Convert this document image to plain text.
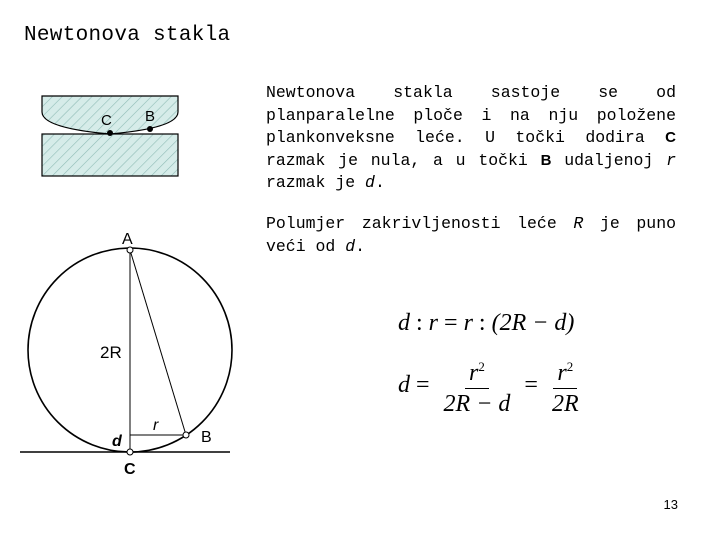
Newtonova stakla
C B
A
2R
r
B
d
C

Newtonova stakla sastoje se od planparalelne ploče i na nju položene plankonveksne leće. U točki dodira C razmak je nula, a u točki B udaljenoj r razmak je d.

Polumjer zakrivljenosti leće R je puno veći od d.

d : r = r : (2R − d)
$d = \frac{r^2}{2R - d} = \frac{r^2}{2R}$
13
